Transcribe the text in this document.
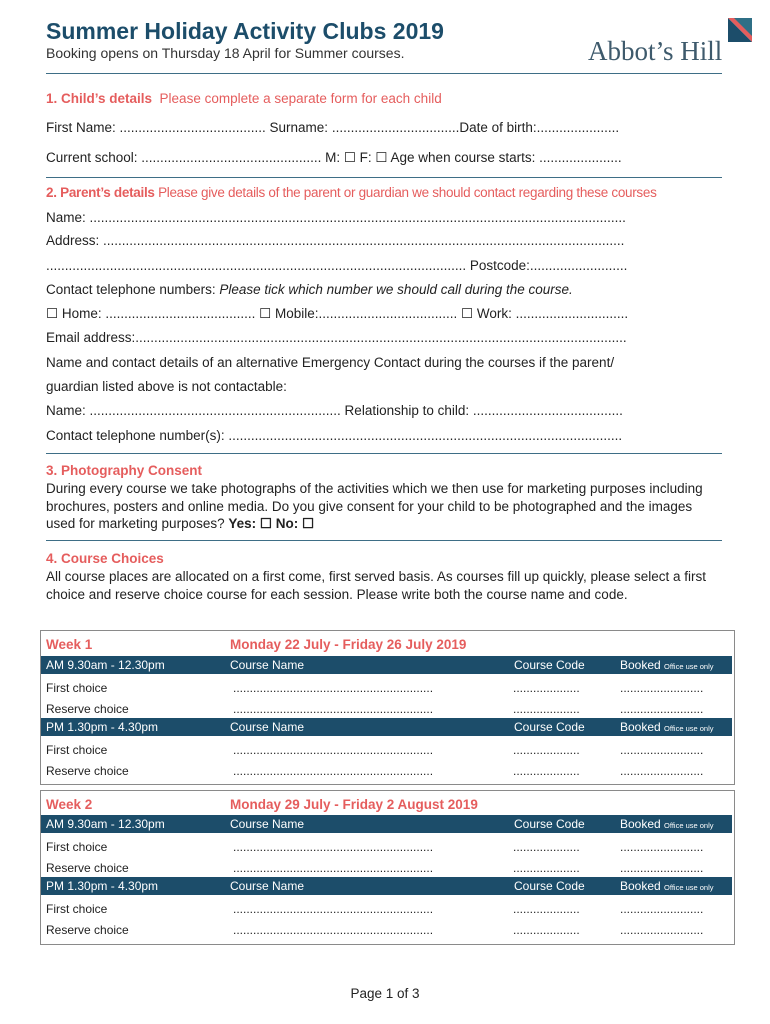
Summer Holiday Activity Clubs 2019
Booking opens on Thursday 18 April for Summer courses.	Abbot’s Hill
1. Child’s details Please complete a separate form for each child
First Name: ....................................... Surname: ..................................Date of birth:......................
Current school: ................................................ M: ☐ F: ☐ Age when course starts: ......................
2. Parent’s details Please give details of the parent or guardian we should contact regarding these courses
Name: ...............................................................................................................................................
Address: ...........................................................................................................................................
................................................................................................................ Postcode:..........................
Contact telephone numbers: Please tick which number we should call during the course.
☐ Home: ........................................ ☐ Mobile:..................................... ☐ Work: ..............................
Email address:...................................................................................................................................
Name and contact details of an alternative Emergency Contact during the courses if the parent/
guardian listed above is not contactable:
Name: ................................................................... Relationship to child: ........................................
Contact telephone number(s): .........................................................................................................
3. Photography Consent
During every course we take photographs of the activities which we then use for marketing purposes including brochures, posters and online media. Do you give consent for your child to be photographed and the images used for marketing purposes? Yes: ☐ No: ☐
4. Course Choices
All course places are allocated on a first come, first served basis. As courses fill up quickly, please select a first choice and reserve choice course for each session. Please write both the course name and code.
Week 1	Monday 22 July - Friday 26 July 2019
AM 9.30am - 12.30pm	Course Name	Course Code	Booked Office use only
First choice	............................................................	....................	.........................
Reserve choice	............................................................	....................	.........................
PM 1.30pm - 4.30pm	Course Name	Course Code	Booked Office use only
First choice	............................................................	....................	.........................
Reserve choice	............................................................	....................	.........................
Week 2	Monday 29 July - Friday 2 August 2019
AM 9.30am - 12.30pm	Course Name	Course Code	Booked Office use only
First choice	............................................................	....................	.........................
Reserve choice	............................................................	....................	.........................
PM 1.30pm - 4.30pm	Course Name	Course Code	Booked Office use only
First choice	............................................................	....................	.........................
Reserve choice	............................................................	....................	.........................
Page 1 of 3
